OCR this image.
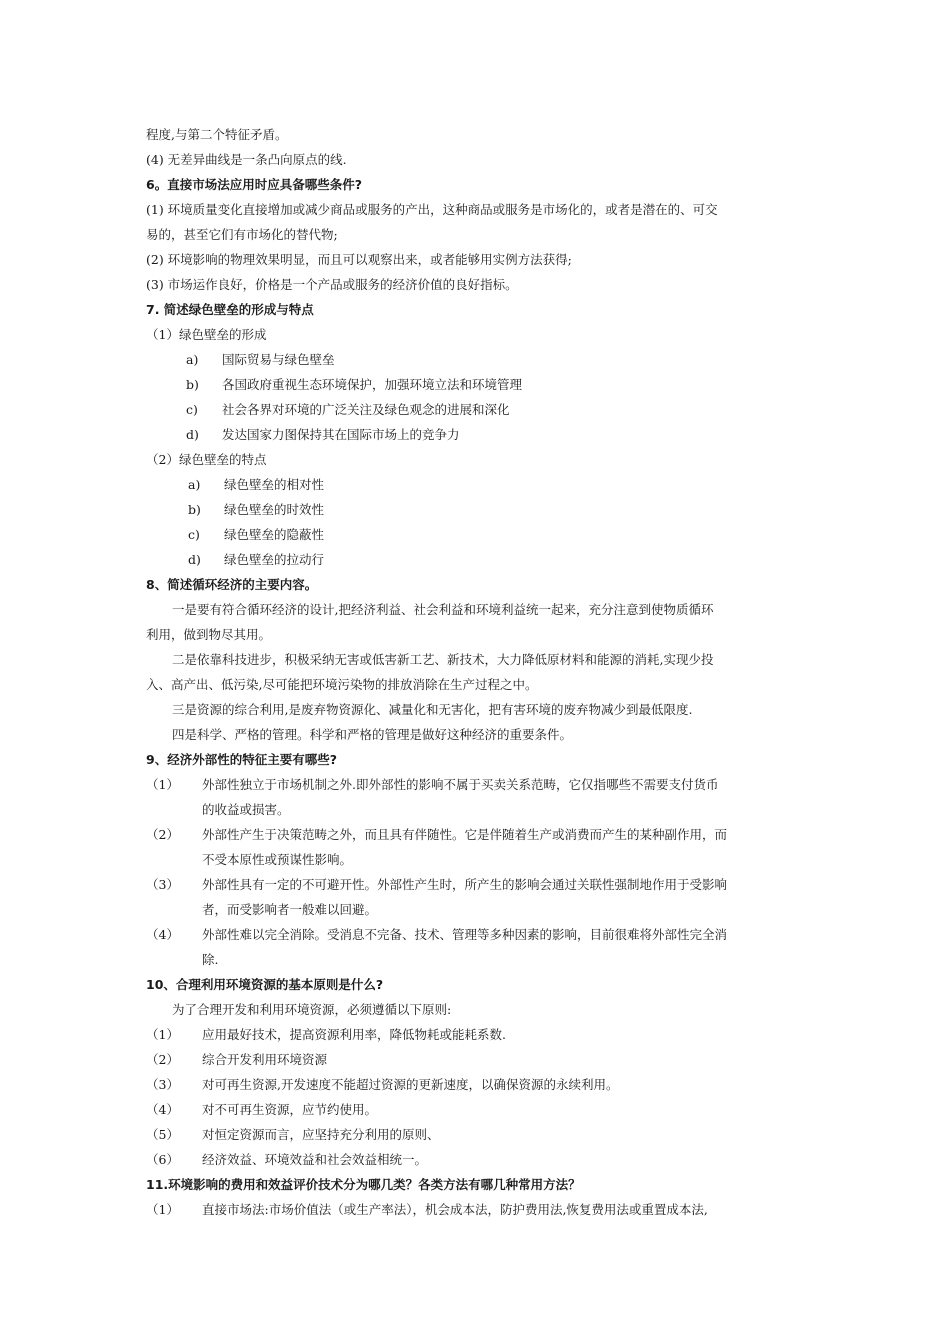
程度,与第二个特征矛盾。
(4) 无差异曲线是一条凸向原点的线.
6。直接市场法应用时应具备哪些条件?
(1) 环境质量变化直接增加或减少商品或服务的产出，这种商品或服务是市场化的，或者是潜在的、可交
易的，甚至它们有市场化的替代物;
(2) 环境影响的物理效果明显，而且可以观察出来，或者能够用实例方法获得;
(3) 市场运作良好，价格是一个产品或服务的经济价值的良好指标。
7. 简述绿色壁垒的形成与特点
（1）绿色壁垒的形成
a)	国际贸易与绿色壁垒
b)	各国政府重视生态环境保护，加强环境立法和环境管理
c)	社会各界对环境的广泛关注及绿色观念的进展和深化
d)	发达国家力图保持其在国际市场上的竞争力
（2）绿色壁垒的特点
a)	绿色壁垒的相对性
b)	绿色壁垒的时效性
c)	绿色壁垒的隐蔽性
d)	绿色壁垒的拉动行
8、简述循环经济的主要内容。
一是要有符合循环经济的设计,把经济利益、社会利益和环境利益统一起来，充分注意到使物质循环
利用，做到物尽其用。
二是依靠科技进步，积极采纳无害或低害新工艺、新技术，大力降低原材料和能源的消耗,实现少投
入、高产出、低污染,尽可能把环境污染物的排放消除在生产过程之中。
三是资源的综合利用,是废弃物资源化、减量化和无害化，把有害环境的废弃物减少到最低限度.
四是科学、严格的管理。科学和严格的管理是做好这种经济的重要条件。
9、经济外部性的特征主要有哪些?
（1）	外部性独立于市场机制之外.即外部性的影响不属于买卖关系范畴，它仅指哪些不需要支付货币
的收益或损害。
（2）	外部性产生于决策范畴之外，而且具有伴随性。它是伴随着生产或消费而产生的某种副作用，而
不受本原性或预谋性影响。
（3）	外部性具有一定的不可避开性。外部性产生时，所产生的影响会通过关联性强制地作用于受影响
者，而受影响者一般难以回避。
（4）	外部性难以完全消除。受消息不完备、技术、管理等多种因素的影响，目前很难将外部性完全消
除.
10、合理利用环境资源的基本原则是什么?
为了合理开发和利用环境资源，必须遵循以下原则:
（1）	应用最好技术，提高资源利用率，降低物耗或能耗系数.
（2）	综合开发利用环境资源
（3）	对可再生资源,开发速度不能超过资源的更新速度，以确保资源的永续利用。
（4）	对不可再生资源，应节约使用。
（5）	对恒定资源而言，应坚持充分利用的原则、
（6）	经济效益、环境效益和社会效益相统一。
11.环境影响的费用和效益评价技术分为哪几类？各类方法有哪几种常用方法？
（1）	直接市场法:市场价值法（或生产率法），机会成本法，防护费用法,恢复费用法或重置成本法,
